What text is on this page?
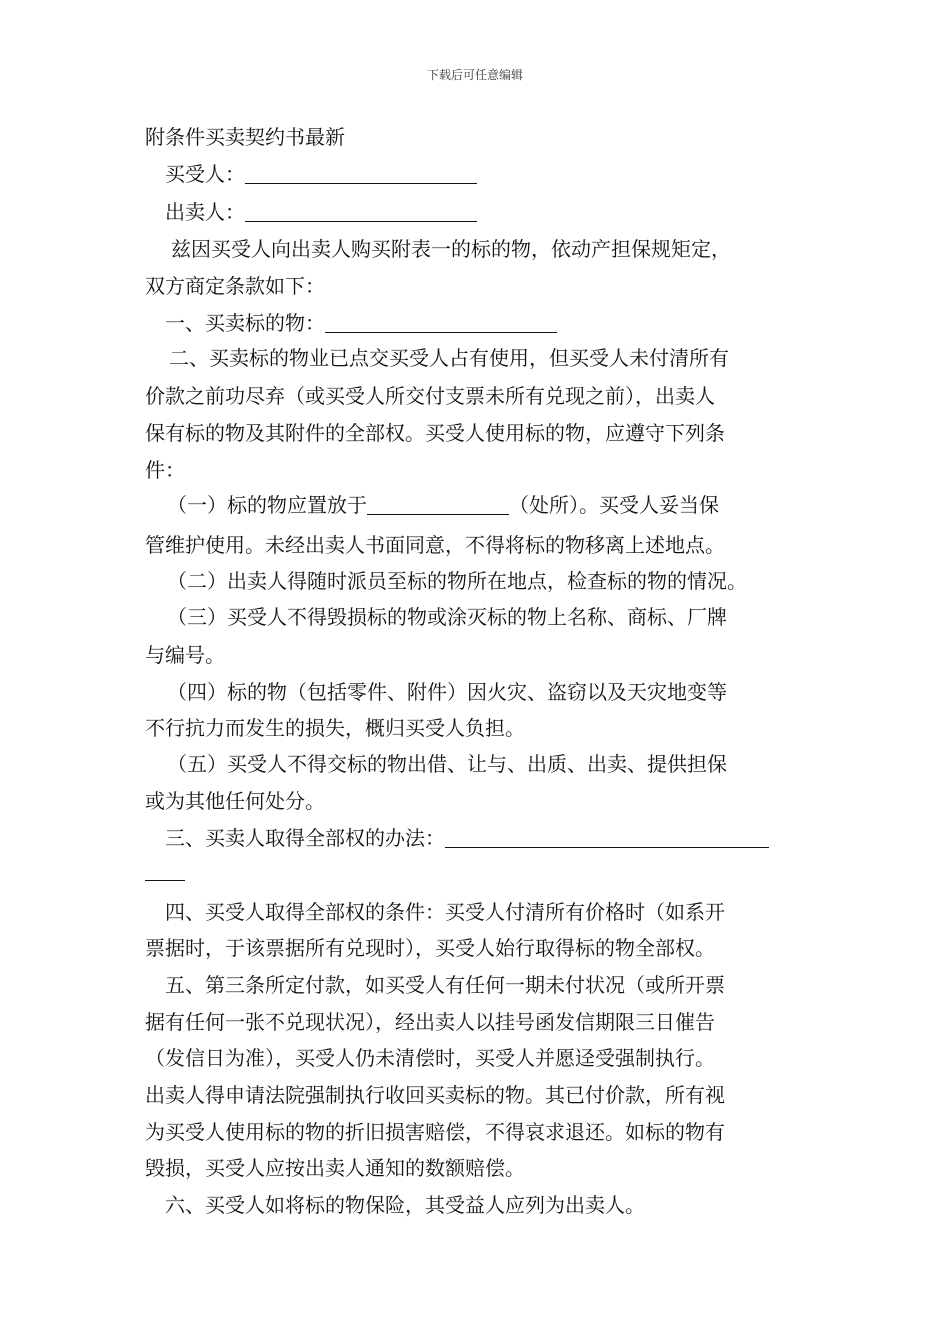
下载后可任意编辑
附条件买卖契约书最新
买受人：
出卖人：
兹因买受人向出卖人购买附表一的标的物，依动产担保规矩定，
双方商定条款如下：
一、买卖标的物：
二、买卖标的物业已点交买受人占有使用，但买受人未付清所有
价款之前功尽弃（或买受人所交付支票未所有兑现之前），出卖人
保有标的物及其附件的全部权。买受人使用标的物，应遵守下列条
件：
（一）标的物应置放于	（处所）。买受人妥当保
管维护使用。未经出卖人书面同意，不得将标的物移离上述地点。
（二）出卖人得随时派员至标的物所在地点，检查标的物的情况。
（三）买受人不得毁损标的物或涂灭标的物上名称、商标、厂牌
与编号。
（四）标的物（包括零件、附件）因火灾、盗窃以及天灾地变等
不行抗力而发生的损失，概归买受人负担。
（五）买受人不得交标的物出借、让与、出质、出卖、提供担保
或为其他任何处分。
三、买卖人取得全部权的办法：
四、买受人取得全部权的条件：买受人付清所有价格时（如系开
票据时，于该票据所有兑现时），买受人始行取得标的物全部权。
五、第三条所定付款，如买受人有任何一期未付状况（或所开票
据有任何一张不兑现状况），经出卖人以挂号函发信期限三日催告
（发信日为准），买受人仍未清偿时，买受人并愿迳受强制执行。
出卖人得申请法院强制执行收回买卖标的物。其已付价款，所有视
为买受人使用标的物的折旧损害赔偿，不得哀求退还。如标的物有
毁损，买受人应按出卖人通知的数额赔偿。
六、买受人如将标的物保险，其受益人应列为出卖人。
